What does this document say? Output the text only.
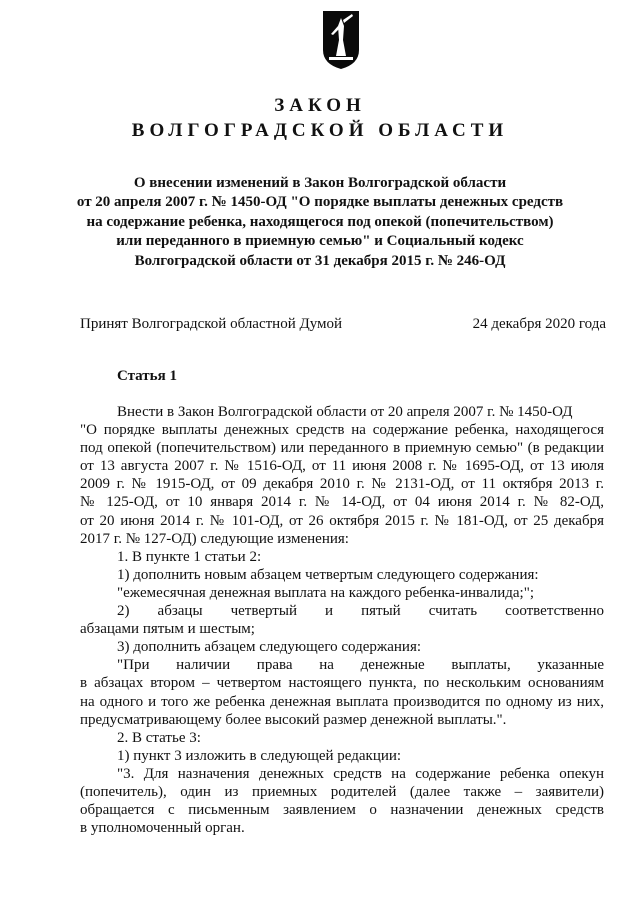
ЗАКОН
ВОЛГОГРАДСКОЙ ОБЛАСТИ
О внесении изменений в Закон Волгоградской области
от 20 апреля 2007 г. № 1450-ОД "О порядке выплаты денежных средств
на содержание ребенка, находящегося под опекой (попечительством)
или переданного в приемную семью" и Социальный кодекс
Волгоградской области от 31 декабря 2015 г. № 246-ОД
Принят Волгоградской областной Думой	24 декабря 2020 года
Статья 1
Внести в Закон Волгоградской области от 20 апреля 2007 г. № 1450-ОД
"О порядке выплаты денежных средств на содержание ребенка, находящегося
под опекой (попечительством) или переданного в приемную семью" (в редакции
от 13 августа 2007 г. № 1516-ОД, от 11 июня 2008 г. № 1695-ОД, от 13 июля
2009 г. № 1915-ОД, от 09 декабря 2010 г. № 2131-ОД, от 11 октября 2013 г.
№ 125-ОД, от 10 января 2014 г. № 14-ОД, от 04 июня 2014 г. № 82-ОД,
от 20 июня 2014 г. № 101-ОД, от 26 октября 2015 г. № 181-ОД, от 25 декабря
2017 г. № 127-ОД) следующие изменения:
1. В пункте 1 статьи 2:
1) дополнить новым абзацем четвертым следующего содержания:
"ежемесячная денежная выплата на каждого ребенка-инвалида;";
2) абзацы четвертый и пятый считать соответственно
абзацами пятым и шестым;
3) дополнить абзацем следующего содержания:
"При наличии права на денежные выплаты, указанные
в абзацах втором – четвертом настоящего пункта, по нескольким основаниям
на одного и того же ребенка денежная выплата производится по одному из них,
предусматривающему более высокий размер денежной выплаты.".
2. В статье 3:
1) пункт 3 изложить в следующей редакции:
"3. Для назначения денежных средств на содержание ребенка опекун
(попечитель), один из приемных родителей (далее также – заявители)
обращается с письменным заявлением о назначении денежных средств
в уполномоченный орган.
